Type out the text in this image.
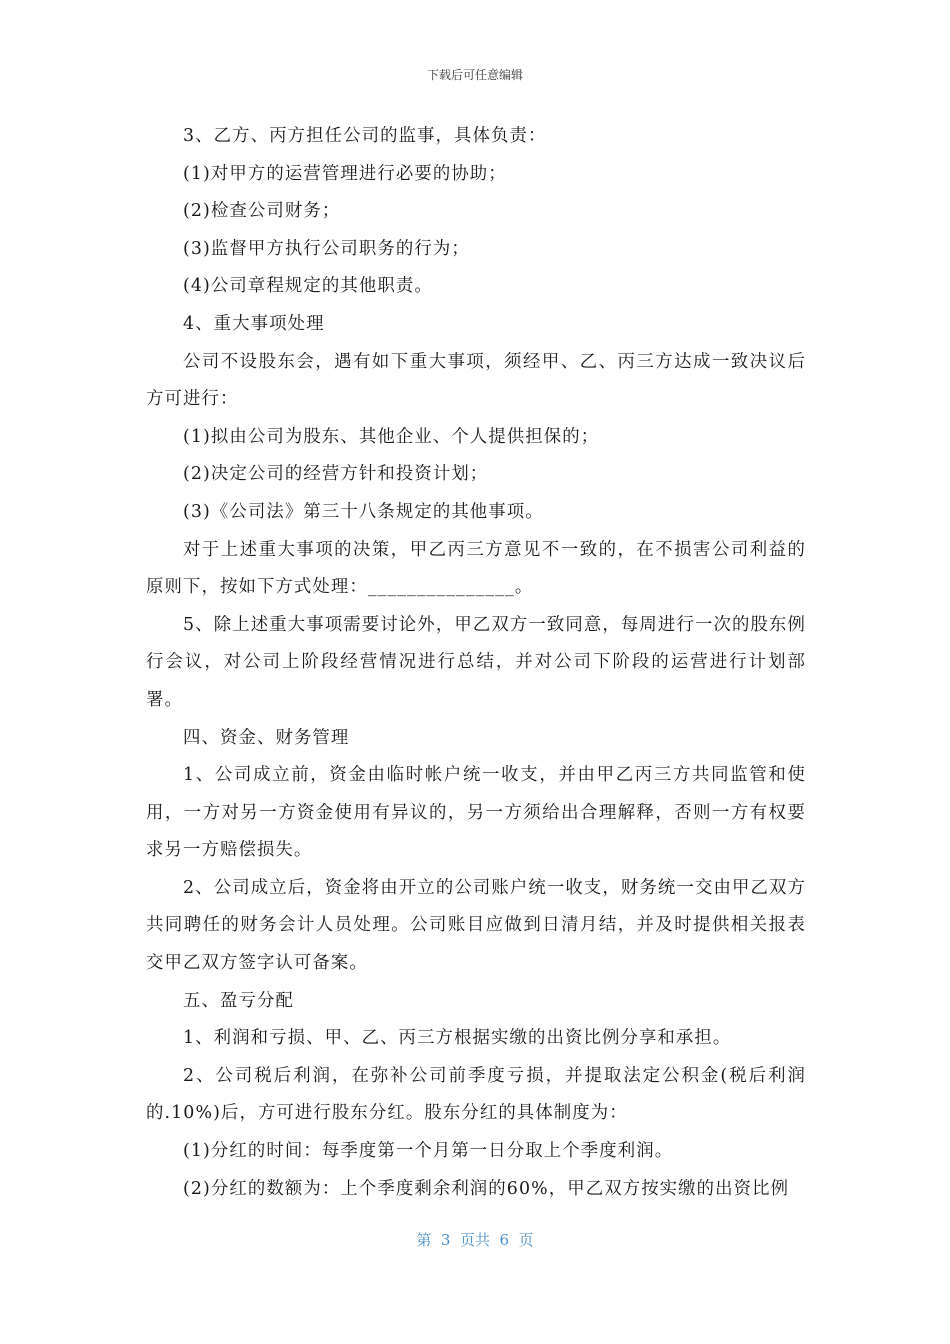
下载后可任意编辑

3、乙方、丙方担任公司的监事，具体负责：

(1)对甲方的运营管理进行必要的协助；

(2)检查公司财务；

(3)监督甲方执行公司职务的行为；

(4)公司章程规定的其他职责。

4、重大事项处理

公司不设股东会，遇有如下重大事项，须经甲、乙、丙三方达成一致决议后方可进行：

(1)拟由公司为股东、其他企业、个人提供担保的；

(2)决定公司的经营方针和投资计划；

(3)《公司法》第三十八条规定的其他事项。

对于上述重大事项的决策，甲乙丙三方意见不一致的，在不损害公司利益的原则下，按如下方式处理：_______________。

5、除上述重大事项需要讨论外，甲乙双方一致同意，每周进行一次的股东例行会议，对公司上阶段经营情况进行总结，并对公司下阶段的运营进行计划部署。

四、资金、财务管理

1、公司成立前，资金由临时帐户统一收支，并由甲乙丙三方共同监管和使用，一方对另一方资金使用有异议的，另一方须给出合理解释，否则一方有权要求另一方赔偿损失。

2、公司成立后，资金将由开立的公司账户统一收支，财务统一交由甲乙双方共同聘任的财务会计人员处理。公司账目应做到日清月结，并及时提供相关报表交甲乙双方签字认可备案。

五、盈亏分配

1、利润和亏损、甲、乙、丙三方根据实缴的出资比例分享和承担。

2、公司税后利润，在弥补公司前季度亏损，并提取法定公积金(税后利润的.10%)后，方可进行股东分红。股东分红的具体制度为：

(1)分红的时间：每季度第一个月第一日分取上个季度利润。

(2)分红的数额为：上个季度剩余利润的60%，甲乙双方按实缴的出资比例

第  3  页共  6  页
